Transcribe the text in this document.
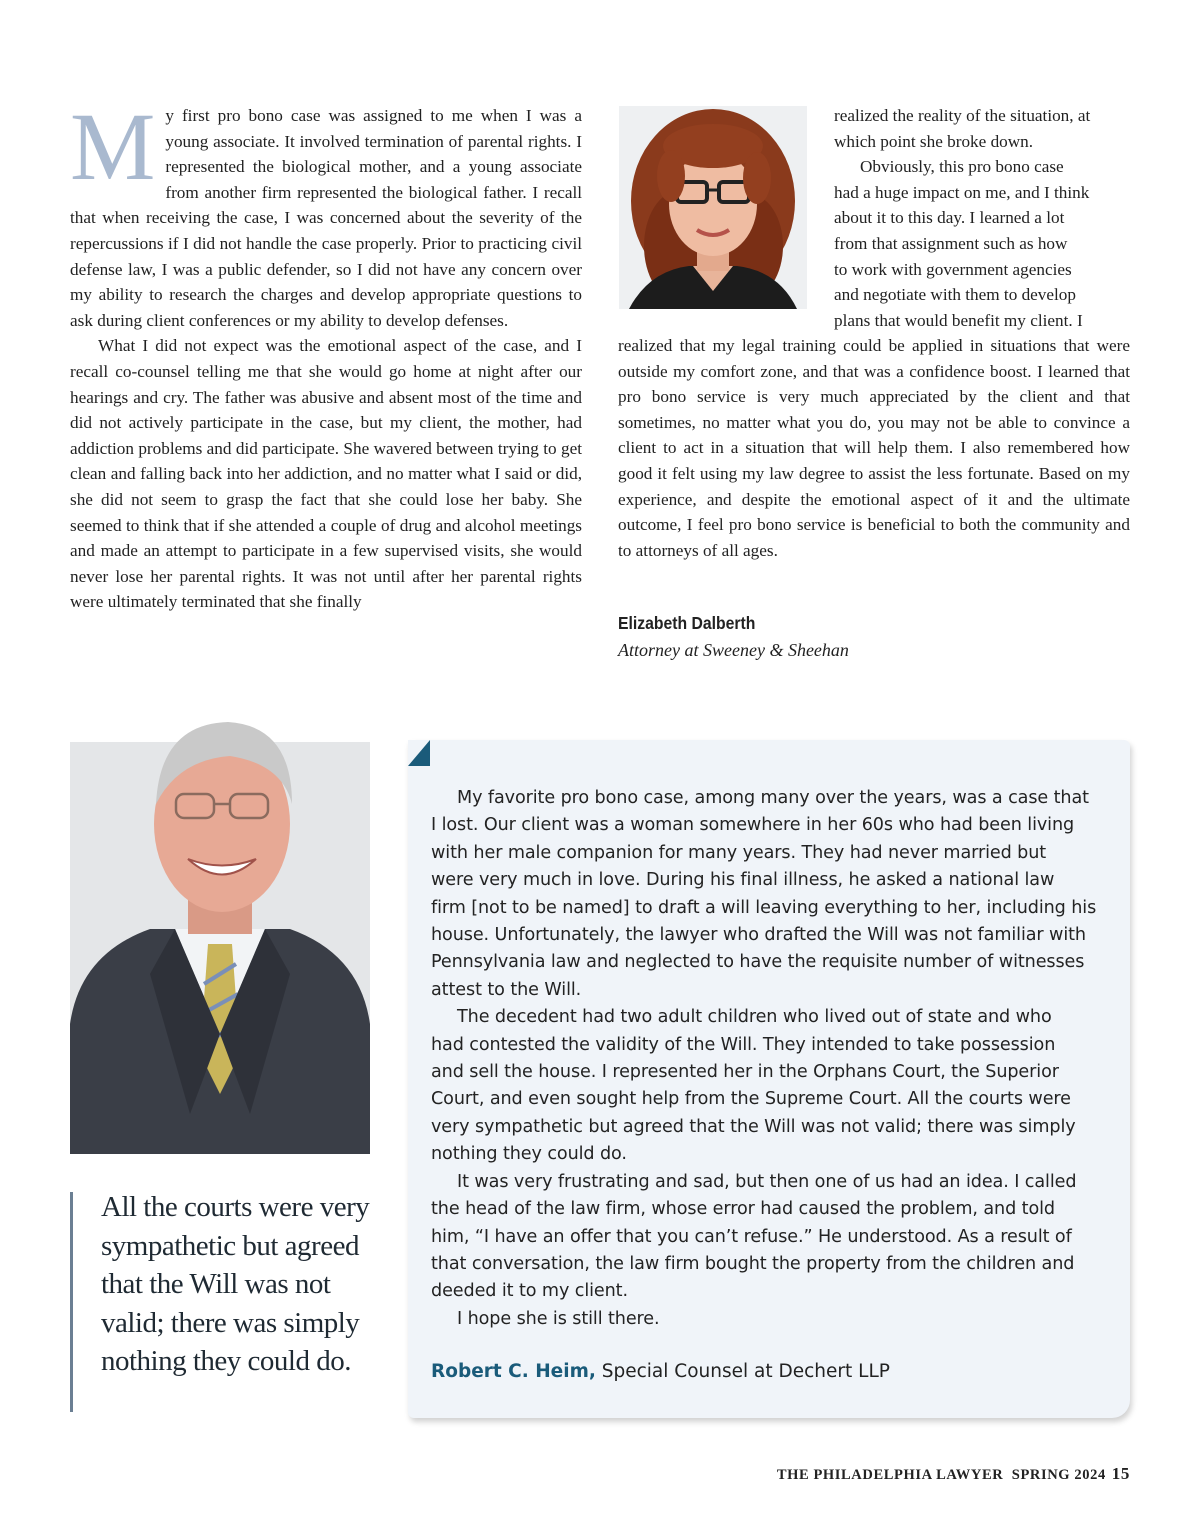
My first pro bono case was assigned to me when I was a young associate. It involved termination of parental rights. I represented the biological mother, and a young associate from another firm represented the biological father. I recall that when receiving the case, I was concerned about the severity of the repercussions if I did not handle the case properly. Prior to practicing civil defense law, I was a public defender, so I did not have any concern over my ability to research the charges and develop appropriate questions to ask during client conferences or my ability to develop defenses.

What I did not expect was the emotional aspect of the case, and I recall co-counsel telling me that she would go home at night after our hearings and cry. The father was abusive and absent most of the time and did not actively participate in the case, but my client, the mother, had addiction problems and did participate. She wavered between trying to get clean and falling back into her addiction, and no matter what I said or did, she did not seem to grasp the fact that she could lose her baby. She seemed to think that if she attended a couple of drug and alcohol meetings and made an attempt to participate in a few supervised visits, she would never lose her parental rights. It was not until after her parental rights were ultimately terminated that she finally

realized the reality of the situation, at

which point she broke down.

Obviously, this pro bono case

had a huge impact on me, and I think

about it to this day. I learned a lot

from that assignment such as how

to work with government agencies

and negotiate with them to develop

plans that would benefit my client. I

realized that my legal training could be applied in situations that were outside my comfort zone, and that was a confidence boost. I learned that pro bono service is very much appreciated by the client and that sometimes, no matter what you do, you may not be able to convince a client to act in a situation that will help them. I also remembered how good it felt using my law degree to assist the less fortunate. Based on my experience, and despite the emotional aspect of it and the ultimate outcome, I feel pro bono service is beneficial to both the community and to attorneys of all ages.

Elizabeth Dalberth
Attorney at Sweeney & Sheehan
All the courts were very sympathetic but agreed that the Will was not valid; there was simply nothing they could do.

My favorite pro bono case, among many over the years, was a case that

I lost. Our client was a woman somewhere in her 60s who had been living

with her male companion for many years. They had never married but

were very much in love. During his final illness, he asked a national law

firm [not to be named] to draft a will leaving everything to her, including his

house. Unfortunately, the lawyer who drafted the Will was not familiar with

Pennsylvania law and neglected to have the requisite number of witnesses

attest to the Will.

The decedent had two adult children who lived out of state and who

had contested the validity of the Will. They intended to take possession

and sell the house. I represented her in the Orphans Court, the Superior

Court, and even sought help from the Supreme Court. All the courts were

very sympathetic but agreed that the Will was not valid; there was simply

nothing they could do.

It was very frustrating and sad, but then one of us had an idea. I called

the head of the law firm, whose error had caused the problem, and told

him, “I have an offer that you can’t refuse.” He understood. As a result of

that conversation, the law firm bought the property from the children and

deeded it to my client.

I hope she is still there.

Robert C. Heim, Special Counsel at Dechert LLP
THE PHILADELPHIA LAWYER SPRING 2024 15
